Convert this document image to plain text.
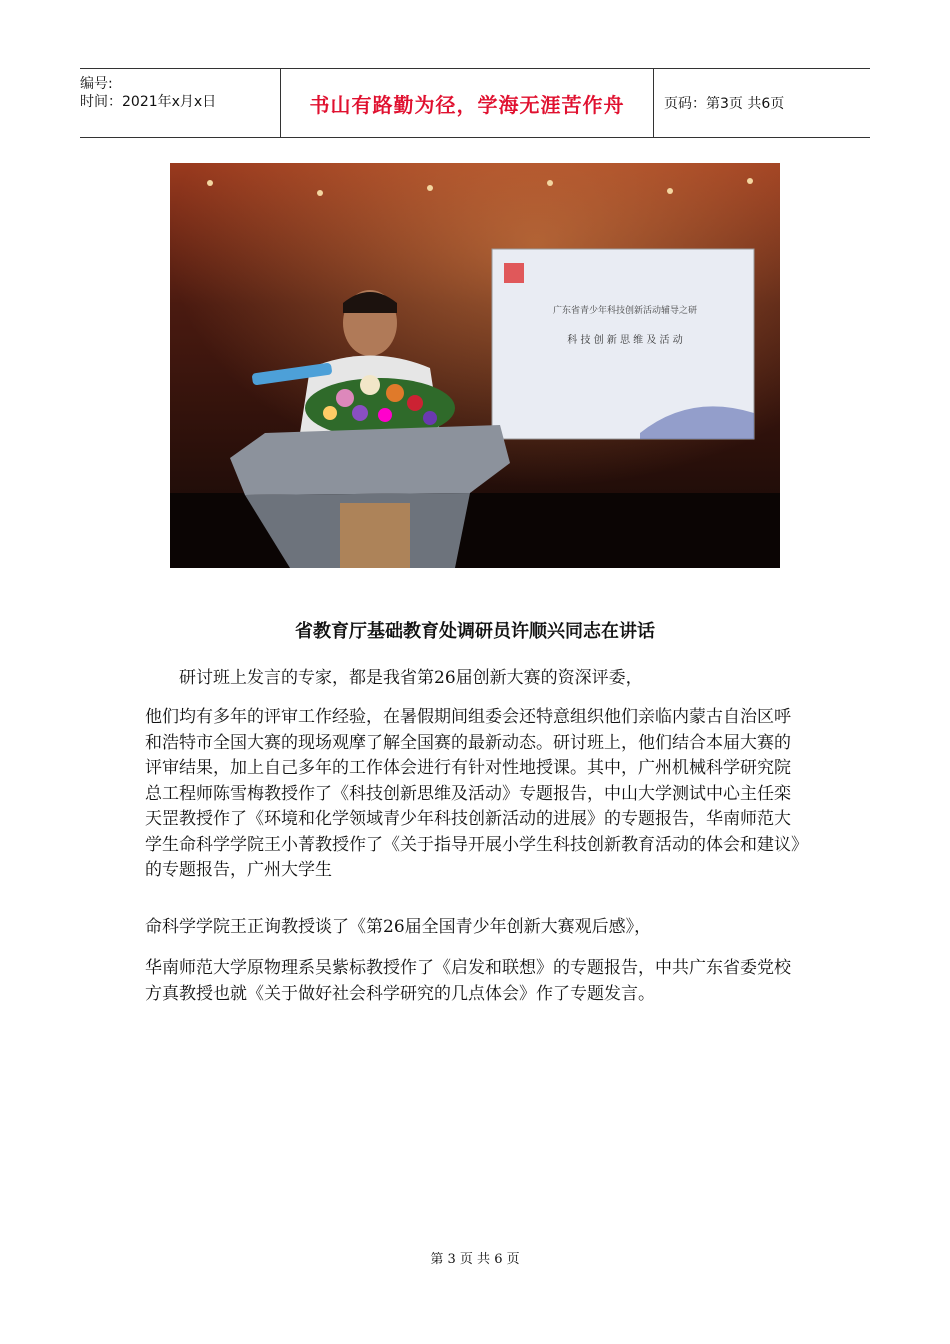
编号:
时间：2021年x月x日	书山有路勤为径，学海无涯苦作舟	页码：第3页 共6页
广东省青少年科技创新活动辅导之研
科 技 创 新 思 维 及 活 动
省教育厅基础教育处调研员许顺兴同志在讲话

　　研讨班上发言的专家，都是我省第26届创新大赛的资深评委，

他们均有多年的评审工作经验，在暑假期间组委会还特意组织他们亲临内蒙古自治区呼和浩特市全国大赛的现场观摩了解全国赛的最新动态。研讨班上，他们结合本届大赛的评审结果，加上自己多年的工作体会进行有针对性地授课。其中，广州机械科学研究院总工程师陈雪梅教授作了《科技创新思维及活动》专题报告，中山大学测试中心主任栾天罡教授作了《环境和化学领域青少年科技创新活动的进展》的专题报告，华南师范大学生命科学学院王小菁教授作了《关于指导开展小学生科技创新教育活动的体会和建议》的专题报告，广州大学生

命科学学院王正询教授谈了《第26届全国青少年创新大赛观后感》，

华南师范大学原物理系吴紫标教授作了《启发和联想》的专题报告，中共广东省委党校方真教授也就《关于做好社会科学研究的几点体会》作了专题发言。

第 3 页 共 6 页
